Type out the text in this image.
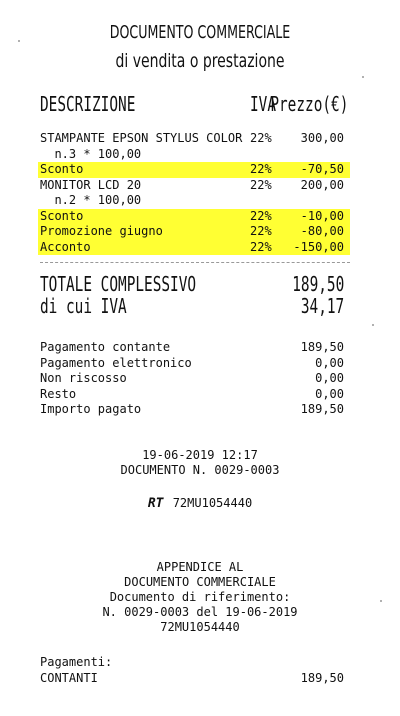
DOCUMENTO COMMERCIALE
di vendita o prestazione
DESCRIZIONE	IVA
Prezzo(€)
STAMPANTE EPSON STYLUS COLOR 22% 300,00
n.3 * 100,00
Sconto	22% -70,50
MONITOR LCD 20	22% 200,00
n.2 * 100,00
Sconto	22% -10,00
Promozione giugno	22% -80,00
Acconto	22% -150,00
TOTALE COMPLESSIVO	189,50
di cui IVA	34,17
Pagamento contante	189,50
Pagamento elettronico	0,00
Non riscosso	0,00
Resto	0,00
Importo pagato	189,50
19-06-2019 12:17
DOCUMENTO N. 0029-0003
RT 72MU1054440
APPENDICE AL
DOCUMENTO COMMERCIALE
Documento di riferimento:
N. 0029-0003 del 19-06-2019
72MU1054440
Pagamenti:
CONTANTI	189,50
